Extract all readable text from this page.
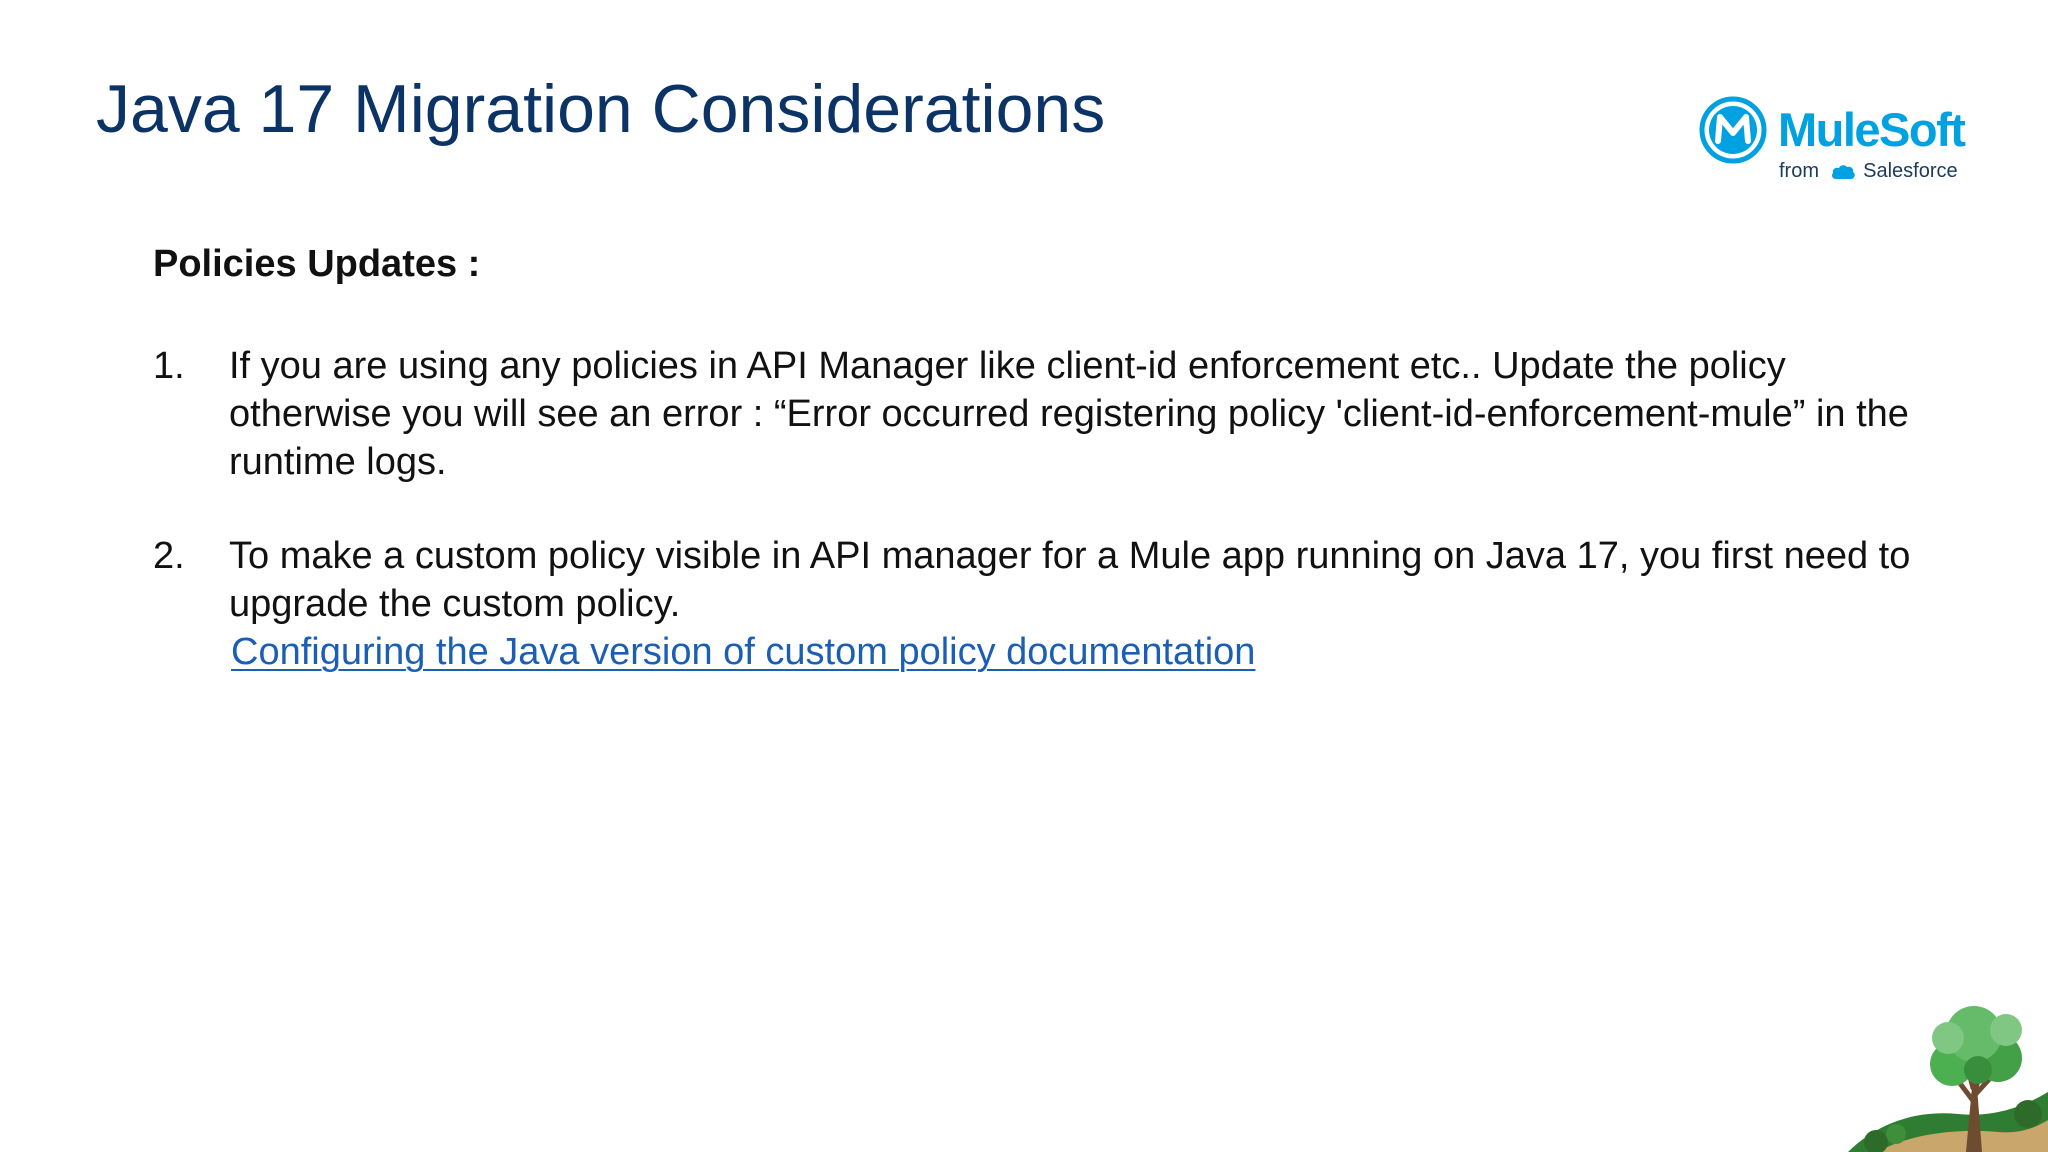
Java 17 Migration Considerations	MuleSoft
from Salesforce
Policies Updates :
1. If you are using any policies in API Manager like client-id enforcement etc.. Update the policy otherwise you will see an error : “Error occurred registering policy 'client-id-enforcement-mule” in the runtime logs.
2. To make a custom policy visible in API manager for a Mule app running on Java 17, you first need to upgrade the custom policy.
Configuring the Java version of custom policy documentation
